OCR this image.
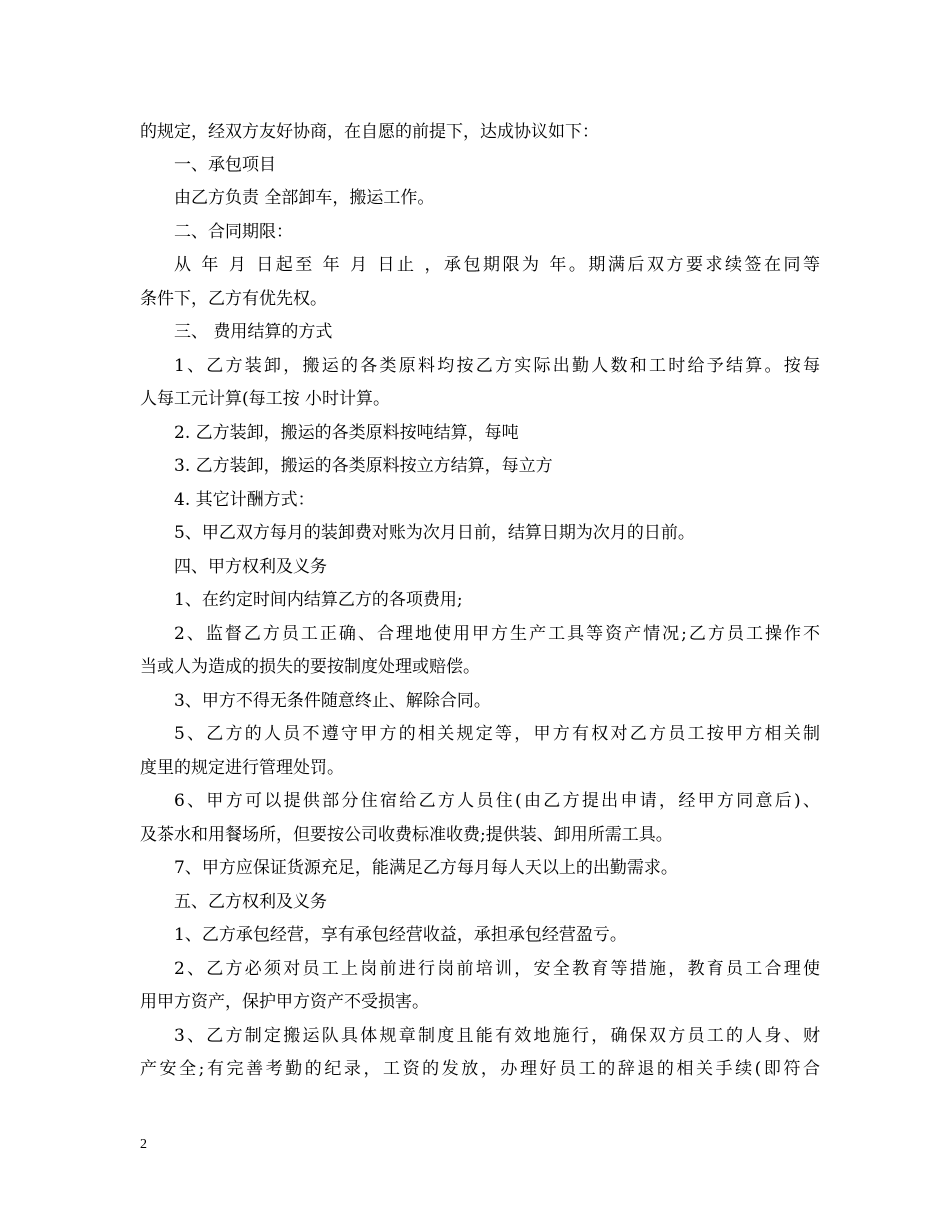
的规定，经双方友好协商，在自愿的前提下，达成协议如下：
一、承包项目
由乙方负责 全部卸车，搬运工作。
二、合同期限：
从 年 月 日起至 年 月 日止 ，承包期限为 年。期满后双方要求续签在同等
条件下，乙方有优先权。
三、 费用结算的方式
1、乙方装卸，搬运的各类原料均按乙方实际出勤人数和工时给予结算。按每
人每工元计算(每工按 小时计算。
2. 乙方装卸，搬运的各类原料按吨结算，每吨
3. 乙方装卸，搬运的各类原料按立方结算，每立方
4. 其它计酬方式：
5、甲乙双方每月的装卸费对账为次月日前，结算日期为次月的日前。
四、甲方权利及义务
1、在约定时间内结算乙方的各项费用;
2、监督乙方员工正确、合理地使用甲方生产工具等资产情况;乙方员工操作不
当或人为造成的损失的要按制度处理或赔偿。
3、甲方不得无条件随意终止、解除合同。
5、乙方的人员不遵守甲方的相关规定等，甲方有权对乙方员工按甲方相关制
度里的规定进行管理处罚。
6、甲方可以提供部分住宿给乙方人员住(由乙方提出申请，经甲方同意后)、
及茶水和用餐场所，但要按公司收费标准收费;提供装、卸用所需工具。
7、甲方应保证货源充足，能满足乙方每月每人天以上的出勤需求。
五、乙方权利及义务
1、乙方承包经营，享有承包经营收益，承担承包经营盈亏。
2、乙方必须对员工上岗前进行岗前培训，安全教育等措施，教育员工合理使
用甲方资产，保护甲方资产不受损害。
3、乙方制定搬运队具体规章制度且能有效地施行，确保双方员工的人身、财
产安全;有完善考勤的纪录，工资的发放，办理好员工的辞退的相关手续(即符合
2
